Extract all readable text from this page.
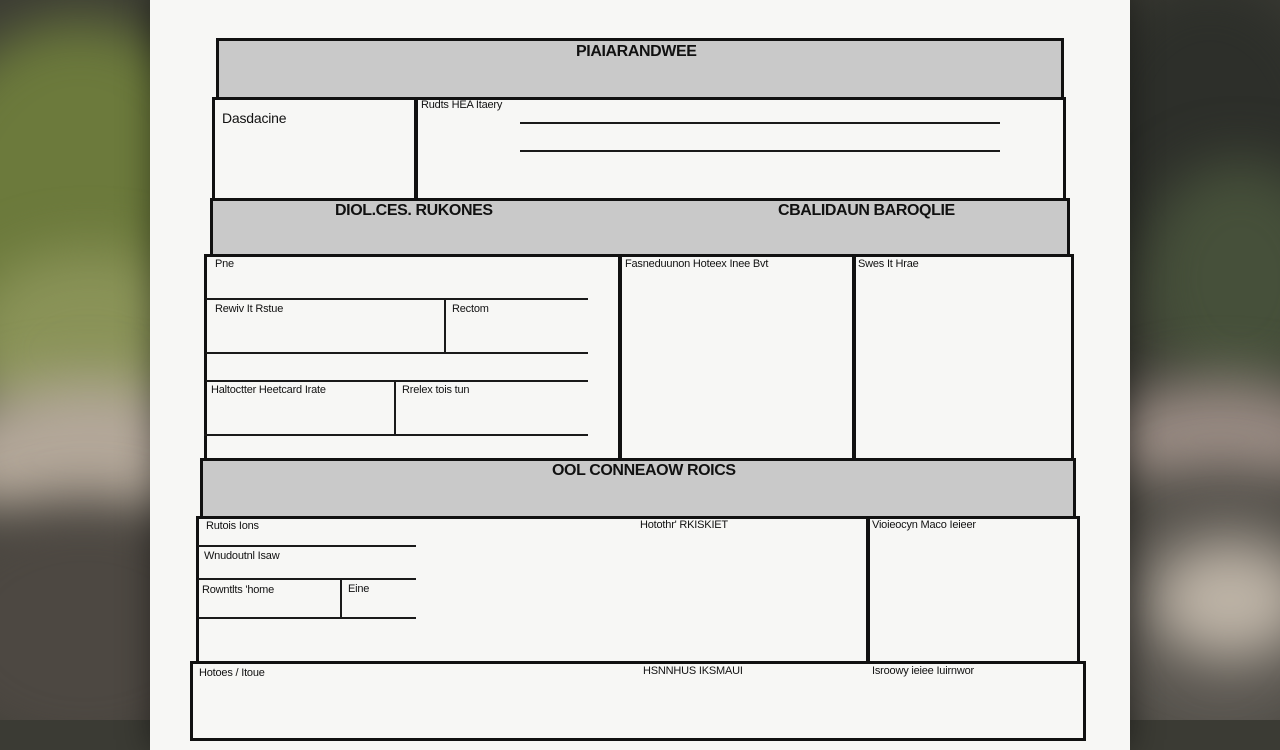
PIAIARANDWEE
Dasdacine
Rudts HEA Itaery
DIOL.CES. RUKONES	CBALIDAUN BAROQLIE
Pne
Rewiv It Rstue	Rectom
Haltoctter Heetcard Irate	Rrelex tois tun
Fasneduunon Hoteex Inee Bvt	Swes It Hrae
OOL CONNEAOW ROICS
Rutois Ions
Wnudoutnl Isaw
Rowntlts 'home	Eine
Hotothr' RKISKIET	Vioieocyn Maco Ieieer
Hotoes / Itoue	HSNNHUS IKSMAUI	Isroowy ieiee Iuirnwor
